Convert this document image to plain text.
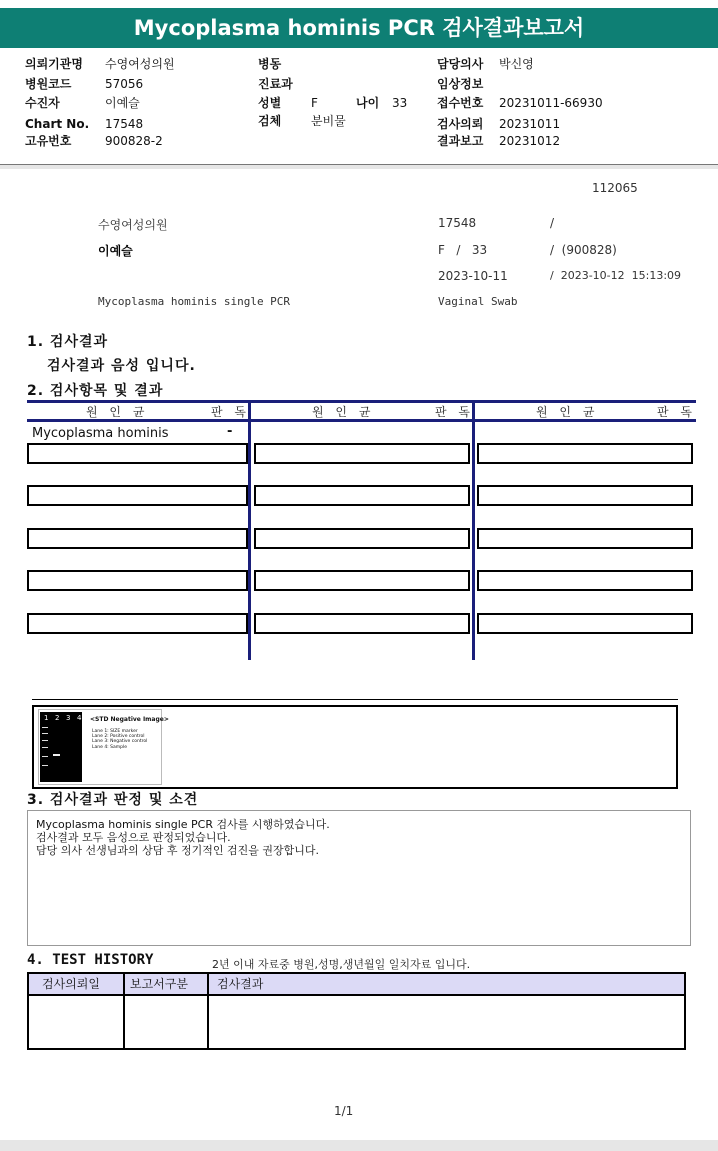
Mycoplasma hominis PCR 검사결과보고서
의뢰기관명 수영여성의원
병원코드	57056
수진자	이예슬
Chart No. 17548
고유번호	900828-2
병동
진료과
성별 F	나이 33
검체 분비물
담당의사 박신영
임상정보
접수번호 20231011-66930
검사의뢰 20231011
결과보고 20231012
112065
수영여성의원	17548	/
이예슬	F   /   33	/  (900828)
2023-10-11	/  2023-10-12  15:13:09
Mycoplasma hominis single PCR	Vaginal Swab
1. 검사결과
검사결과 음성 입니다.
2. 검사항목 및 결과
원 인 균	판 독	원 인 균	판 독	원 인 균	판 독
Mycoplasma hominis	-
1 2 3 4 <STD Negative Image>
Lane 1: SIZE marker
Lane 2: Positive control
Lane 3: Negative control
Lane 4: Sample
3. 검사결과 판정 및 소견
Mycoplasma hominis single PCR 검사를 시행하였습니다.
검사결과 모두 음성으로 판정되었습니다.
담당 의사 선생님과의 상담 후 정기적인 검진을 권장합니다.
4. TEST HISTORY	2년 이내 자료중 병원,성명,생년월일 일치자료 입니다.
검사의뢰일	보고서구분 검사결과
1/1
